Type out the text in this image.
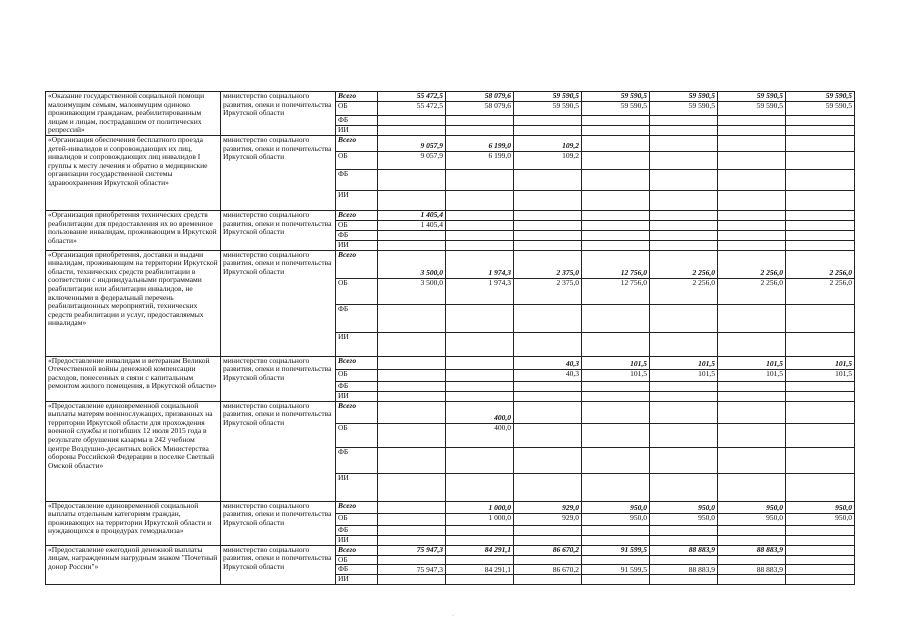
«Оказание государственной социальной помощи малоимущим семьям, малоимущим одиноко проживающим гражданам, реабилитированным лицам и лицам, пострадавшим от политических репрессий»	министерство социального развития, опеки и попечительства Иркутской области	Всего	55 472,5	58 079,6	59 590,5	59 590,5	59 590,5	59 590,5	59 590,5
		ОБ	55 472,5	58 079,6	59 590,5	59 590,5	59 590,5	59 590,5	59 590,5
		ФБ							
		ИИ							
«Организация обеспечения бесплатного проезда детей-инвалидов и сопровождающих их лиц, инвалидов и сопровождающих лиц инвалидов I группы к месту лечения и обратно в медицинские организации государственной системы здравоохранения Иркутской области»	министерство социального развития, опеки и попечительства Иркутской области	Всего	9 057,9	6 199,0	109,2				
		ОБ	9 057,9	6 199,0	109,2				
		ФБ							
		ИИ							
«Организация приобретения технических средств реабилитации для предоставления их во временное пользование инвалидам, проживающим в Иркутской области»	министерство социального развития, опеки и попечительства Иркутской области	Всего	1 405,4						
		ОБ	1 405,4						
		ФБ							
		ИИ							
«Организация приобретения, доставки и выдачи инвалидам, проживающим на территории Иркутской области, технических средств реабилитации в соответствии с индивидуальными программами реабилитации или абилитации инвалидов, не включенными в федеральный перечень реабилитационных мероприятий, технических средств реабилитации и услуг, предоставляемых инвалидам»	министерство социального развития, опеки и попечительства Иркутской области	Всего	3 500,0	1 974,3	2 375,0	12 756,0	2 256,0	2 256,0	2 256,0
		ОБ	3 500,0	1 974,3	2 375,0	12 756,0	2 256,0	2 256,0	2 256,0
		ФБ							
		ИИ							
«Предоставление инвалидам и ветеранам Великой Отечественной войны денежной компенсации расходов, понесенных в связи с капитальным ремонтом жилого помещения, в Иркутской области»	министерство социального развития, опеки и попечительства Иркутской области	Всего			40,3	101,5	101,5	101,5	101,5
		ОБ			40,3	101,5	101,5	101,5	101,5
		ФБ							
		ИИ							
«Предоставление единовременной социальной выплаты матерям военнослужащих, призванных на территории Иркутской области для прохождения военной службы и погибших 12 июля 2015 года в результате обрушения казармы в 242 учебном центре Воздушно-десантных войск Министерства обороны Российской Федерации в поселке Светлый Омской области»	министерство социального развития, опеки и попечительства Иркутской области	Всего		400,0					
		ОБ		400,0					
		ФБ							
		ИИ							
«Предоставление единовременной социальной выплаты отдельным категориям граждан, проживающих на территории Иркутской области и нуждающихся в процедурах гемодиализа»	министерство социального развития, опеки и попечительства Иркутской области	Всего		1 000,0	929,0	950,0	950,0	950,0	950,0
		ОБ		1 000,0	929,0	950,0	950,0	950,0	950,0
		ФБ							
		ИИ							
«Предоставление ежегодной денежной выплаты лицам, награжденным нагрудным знаком "Почетный донор России"»	министерство социального развития, опеки и попечительства Иркутской области	Всего	75 947,3	84 291,1	86 670,2	91 599,5	88 883,9	88 883,9	
		ОБ							
		ФБ	75 947,3	84 291,1	86 670,2	91 599,5	88 883,9	88 883,9	
		ИИ							
·
